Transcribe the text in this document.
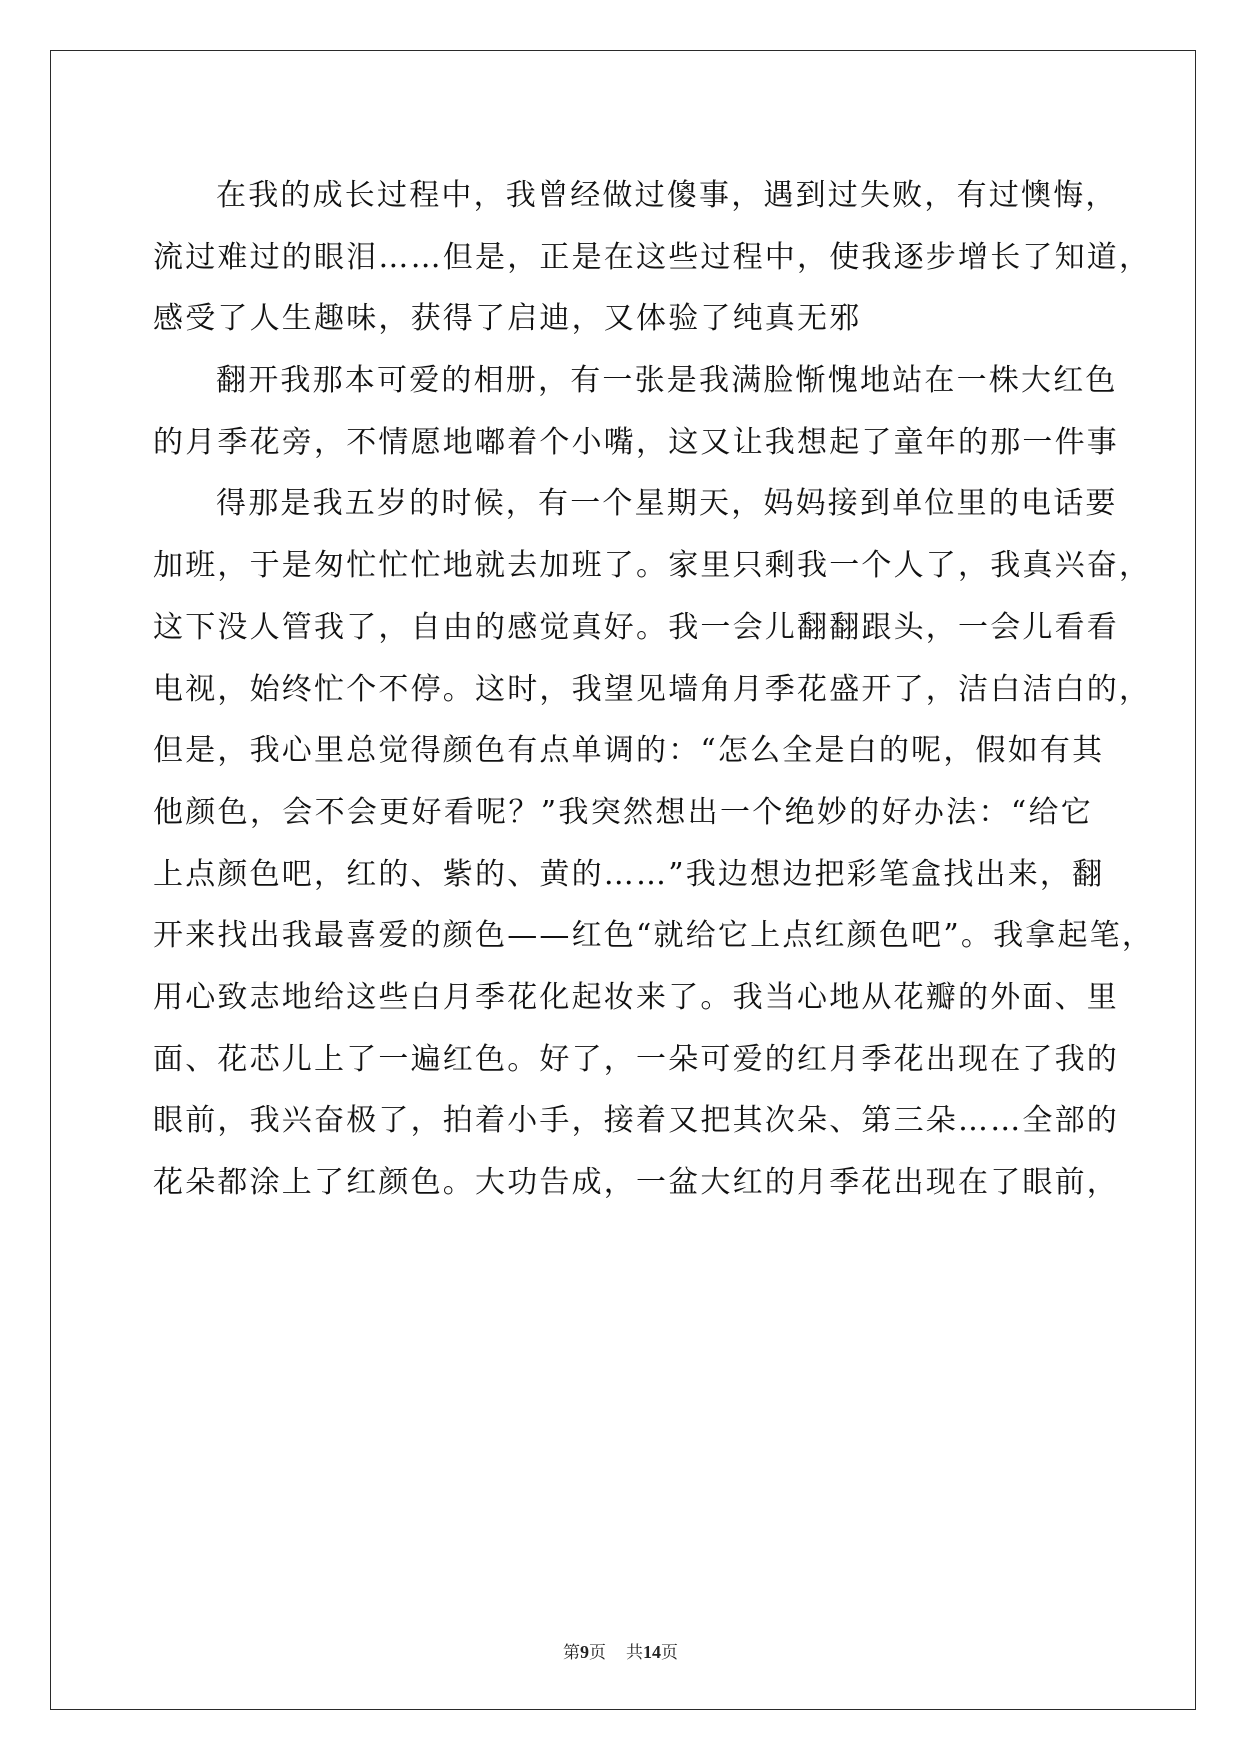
在我的成长过程中，我曾经做过傻事，遇到过失败，有过懊悔，
流过难过的眼泪……但是，正是在这些过程中，使我逐步增长了知道，
感受了人生趣味，获得了启迪，又体验了纯真无邪
翻开我那本可爱的相册，有一张是我满脸惭愧地站在一株大红色
的月季花旁，不情愿地嘟着个小嘴，这又让我想起了童年的那一件事
得那是我五岁的时候，有一个星期天，妈妈接到单位里的电话要
加班，于是匆忙忙忙地就去加班了。家里只剩我一个人了，我真兴奋，
这下没人管我了，自由的感觉真好。我一会儿翻翻跟头，一会儿看看
电视，始终忙个不停。这时，我望见墙角月季花盛开了，洁白洁白的，
但是，我心里总觉得颜色有点单调的：“怎么全是白的呢，假如有其
他颜色，会不会更好看呢？”我突然想出一个绝妙的好办法：“给它
上点颜色吧，红的、紫的、黄的……”我边想边把彩笔盒找出来，翻
开来找出我最喜爱的颜色——红色“就给它上点红颜色吧”。我拿起笔，
用心致志地给这些白月季花化起妆来了。我当心地从花瓣的外面、里
面、花芯儿上了一遍红色。好了，一朵可爱的红月季花出现在了我的
眼前，我兴奋极了，拍着小手，接着又把其次朵、第三朵……全部的
花朵都涂上了红颜色。大功告成，一盆大红的月季花出现在了眼前，
第9页 共14页
